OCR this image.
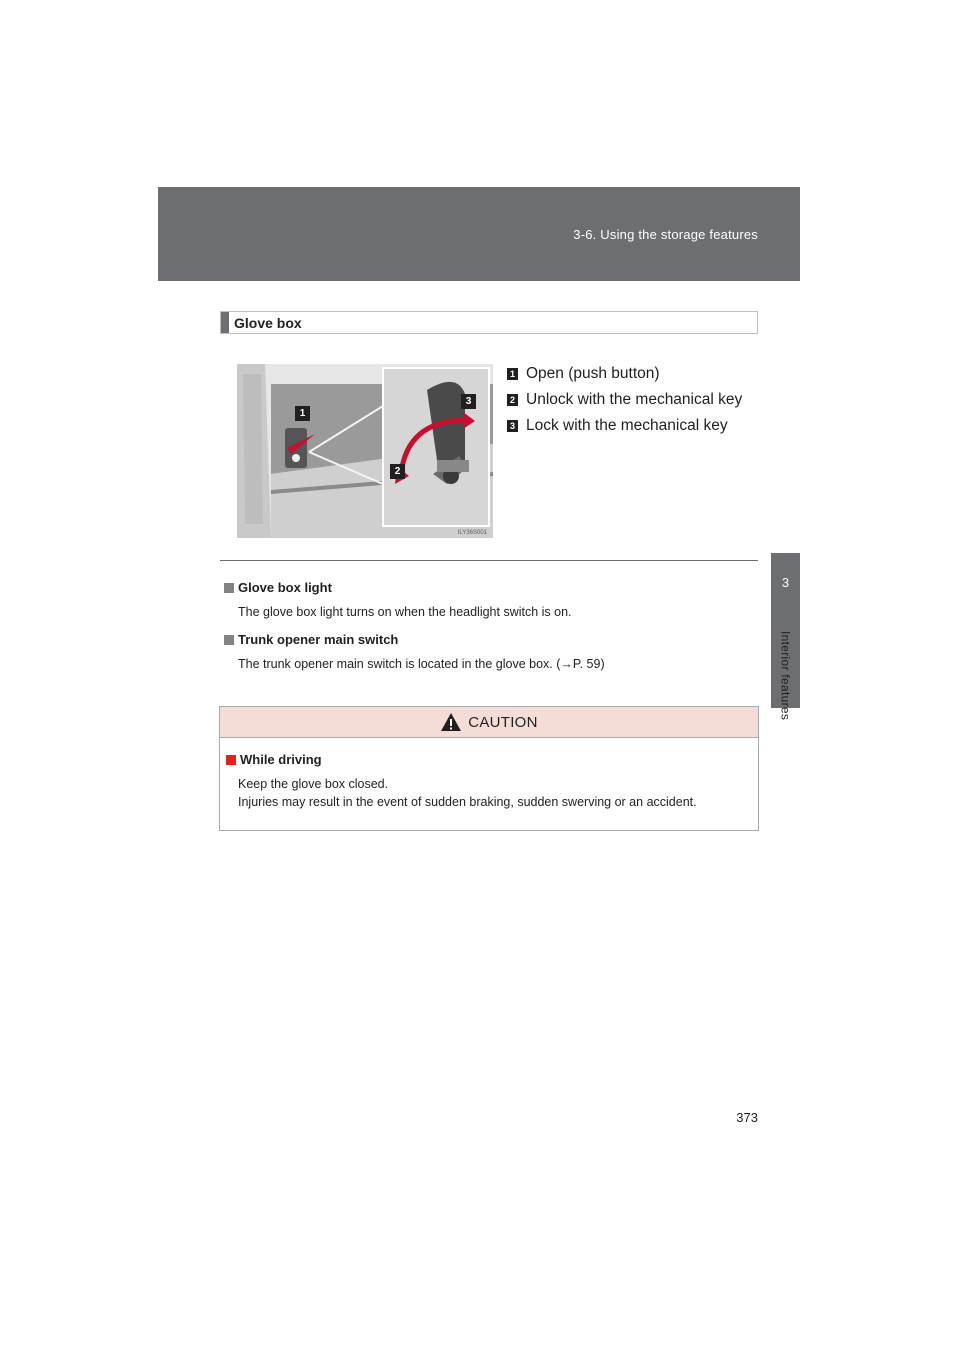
3-6. Using the storage features
3
Interior features
Glove box
1
3
2
ILY36S001
1 Open (push button)
2 Unlock with the mechanical key
3 Lock with the mechanical key
Glove box light
The glove box light turns on when the headlight switch is on.
Trunk opener main switch
The trunk opener main switch is located in the glove box. (→P. 59)
CAUTION
While driving
Keep the glove box closed.
Injuries may result in the event of sudden braking, sudden swerving or an accident.
373
